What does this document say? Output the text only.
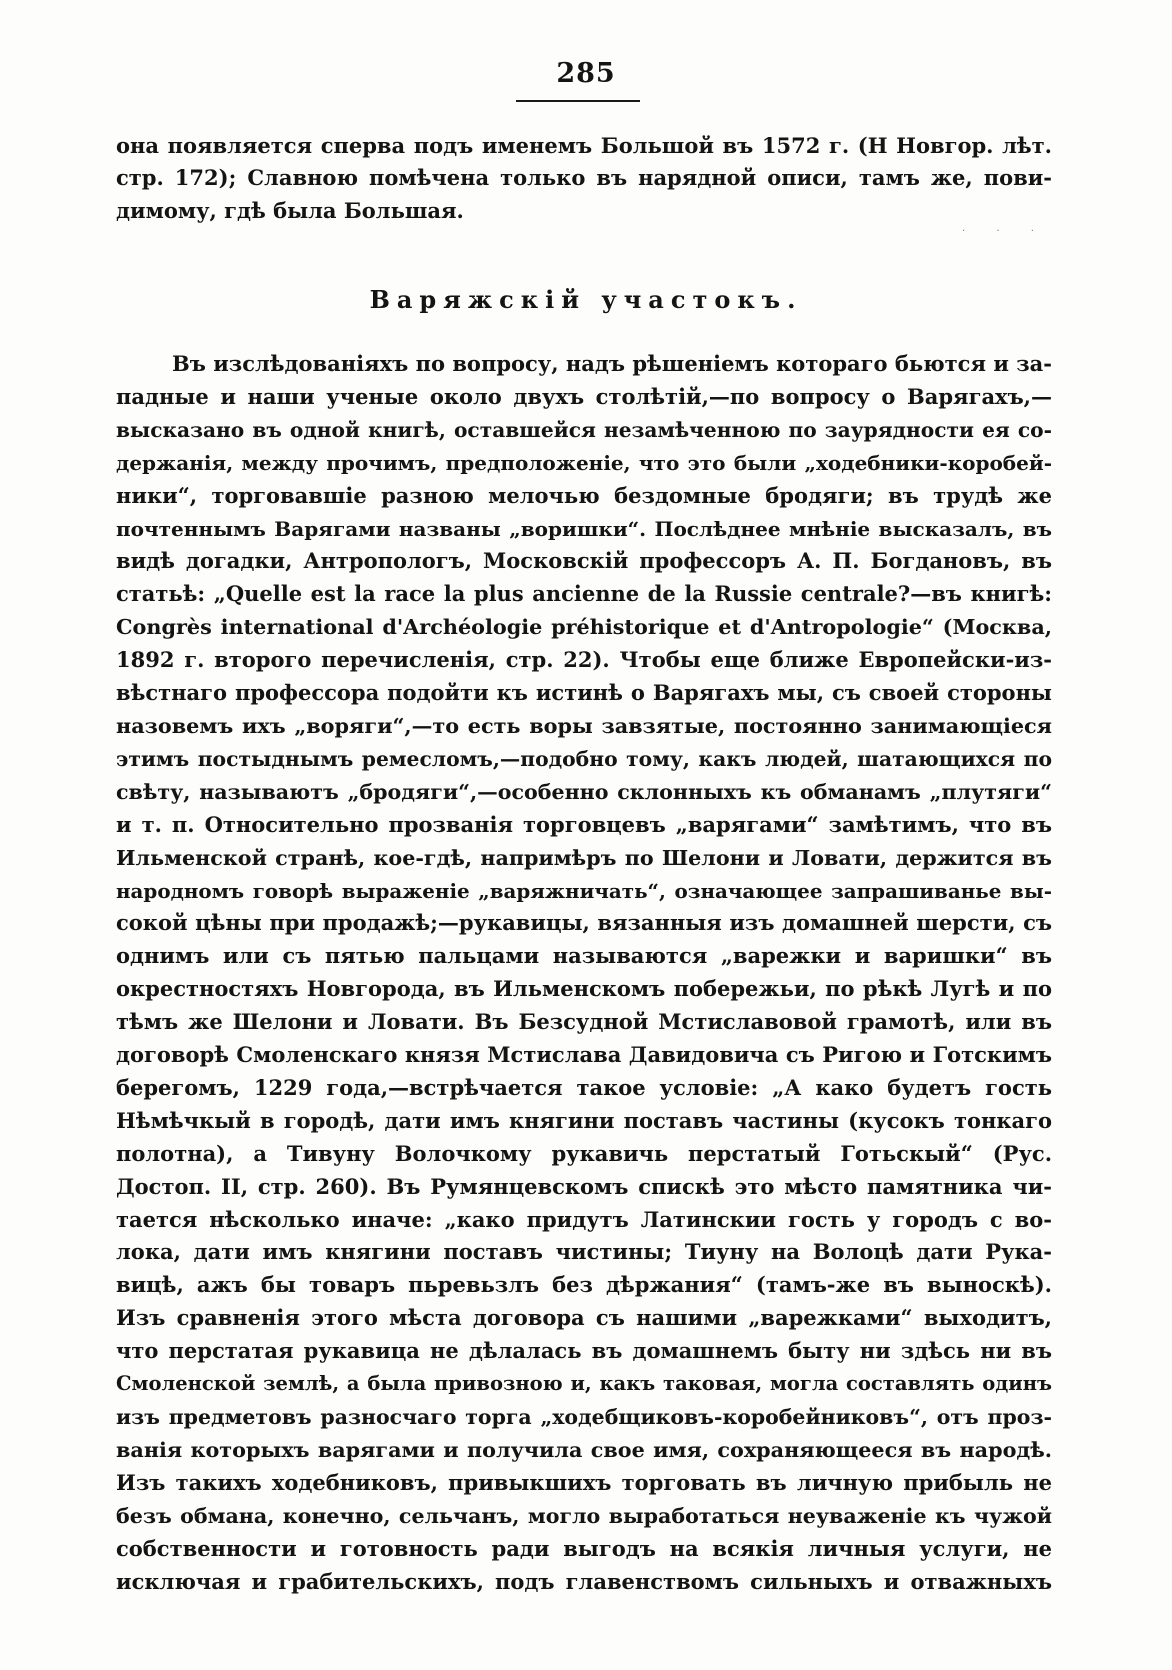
285
она появляется сперва подъ именемъ Большой въ 1572 г. (Н Новгор. лѣт.
стр. 172); Славною помѣчена только въ нарядной описи, тамъ же, пови-
димому, гдѣ была Большая.
· · ·
Варяжскій участокъ.
Въ изслѣдованіяхъ по вопросу, надъ рѣшеніемъ котораго бьются и за-
падные и наши ученые около двухъ столѣтій,—по вопросу о Варягахъ,—
высказано въ одной книгѣ, оставшейся незамѣченною по заурядности ея со-
держанія, между прочимъ, предположеніе, что это были „ходебники-коробей-
ники“, торговавшіе разною мелочью бездомные бродяги; въ трудѣ же
почтеннымъ Варягами названы „воришки“. Послѣднее мнѣніе высказалъ, въ
видѣ догадки, Антропологъ, Московскій профессоръ А. П. Богдановъ, въ
статьѣ: „Quelle est la race la plus ancienne de la Russie centrale?—въ книгѣ:
Congrès international d'Archéologie préhistorique et d'Antropologie“ (Москва,
1892 г. второго перечисленія, стр. 22). Чтобы еще ближе Европейски-из-
вѣстнаго профессора подойти къ истинѣ о Варягахъ мы, съ своей стороны
назовемъ ихъ „воряги“,—то есть воры завзятые, постоянно занимающіеся
этимъ постыднымъ ремесломъ,—подобно тому, какъ людей, шатающихся по
свѣту, называютъ „бродяги“,—особенно склонныхъ къ обманамъ „плутяги“
и т. п. Относительно прозванія торговцевъ „варягами“ замѣтимъ, что въ
Ильменской странѣ, кое-гдѣ, напримѣръ по Шелони и Ловати, держится въ
народномъ говорѣ выраженіе „варяжничать“, означающее запрашиванье вы-
сокой цѣны при продажѣ;—рукавицы, вязанныя изъ домашней шерсти, съ
однимъ или съ пятью пальцами называются „варежки и варишки“ въ
окрестностяхъ Новгорода, въ Ильменскомъ побережьи, по рѣкѣ Лугѣ и по
тѣмъ же Шелони и Ловати. Въ Безсудной Мстиславовой грамотѣ, или въ
договорѣ Смоленскаго князя Мстислава Давидовича съ Ригою и Готскимъ
берегомъ, 1229 года,—встрѣчается такое условіе: „А како будетъ гость
Нѣмѣчкый в городѣ, дати имъ княгини поставъ частины (кусокъ тонкаго
полотна), а Тивуну Волочкому рукавичь перстатый Готьскый“ (Рус.
Достоп. II, стр. 260). Въ Румянцевскомъ спискѣ это мѣсто памятника чи-
тается нѣсколько иначе: „како придутъ Латинскии гость у городъ с во-
лока, дати имъ княгини поставъ чистины; Тиуну на Волоцѣ дати Рука-
вицѣ, ажъ бы товаръ пьревьзлъ без дѣржания“ (тамъ-же въ выноскѣ).
Изъ сравненія этого мѣста договора съ нашими „варежками“ выходитъ,
что перстатая рукавица не дѣлалась въ домашнемъ быту ни здѣсь ни въ
Смоленской землѣ, а была привозною и, какъ таковая, могла составлять одинъ
изъ предметовъ разносчаго торга „ходебщиковъ-коробейниковъ“, отъ проз-
ванія которыхъ варягами и получила свое имя, сохраняющееся въ народѣ.
Изъ такихъ ходебниковъ, привыкшихъ торговать въ личную прибыль не
безъ обмана, конечно, сельчанъ, могло выработаться неуваженіе къ чужой
собственности и готовность ради выгодъ на всякія личныя услуги, не
исключая и грабительскихъ, подъ главенствомъ сильныхъ и отважныхъ
